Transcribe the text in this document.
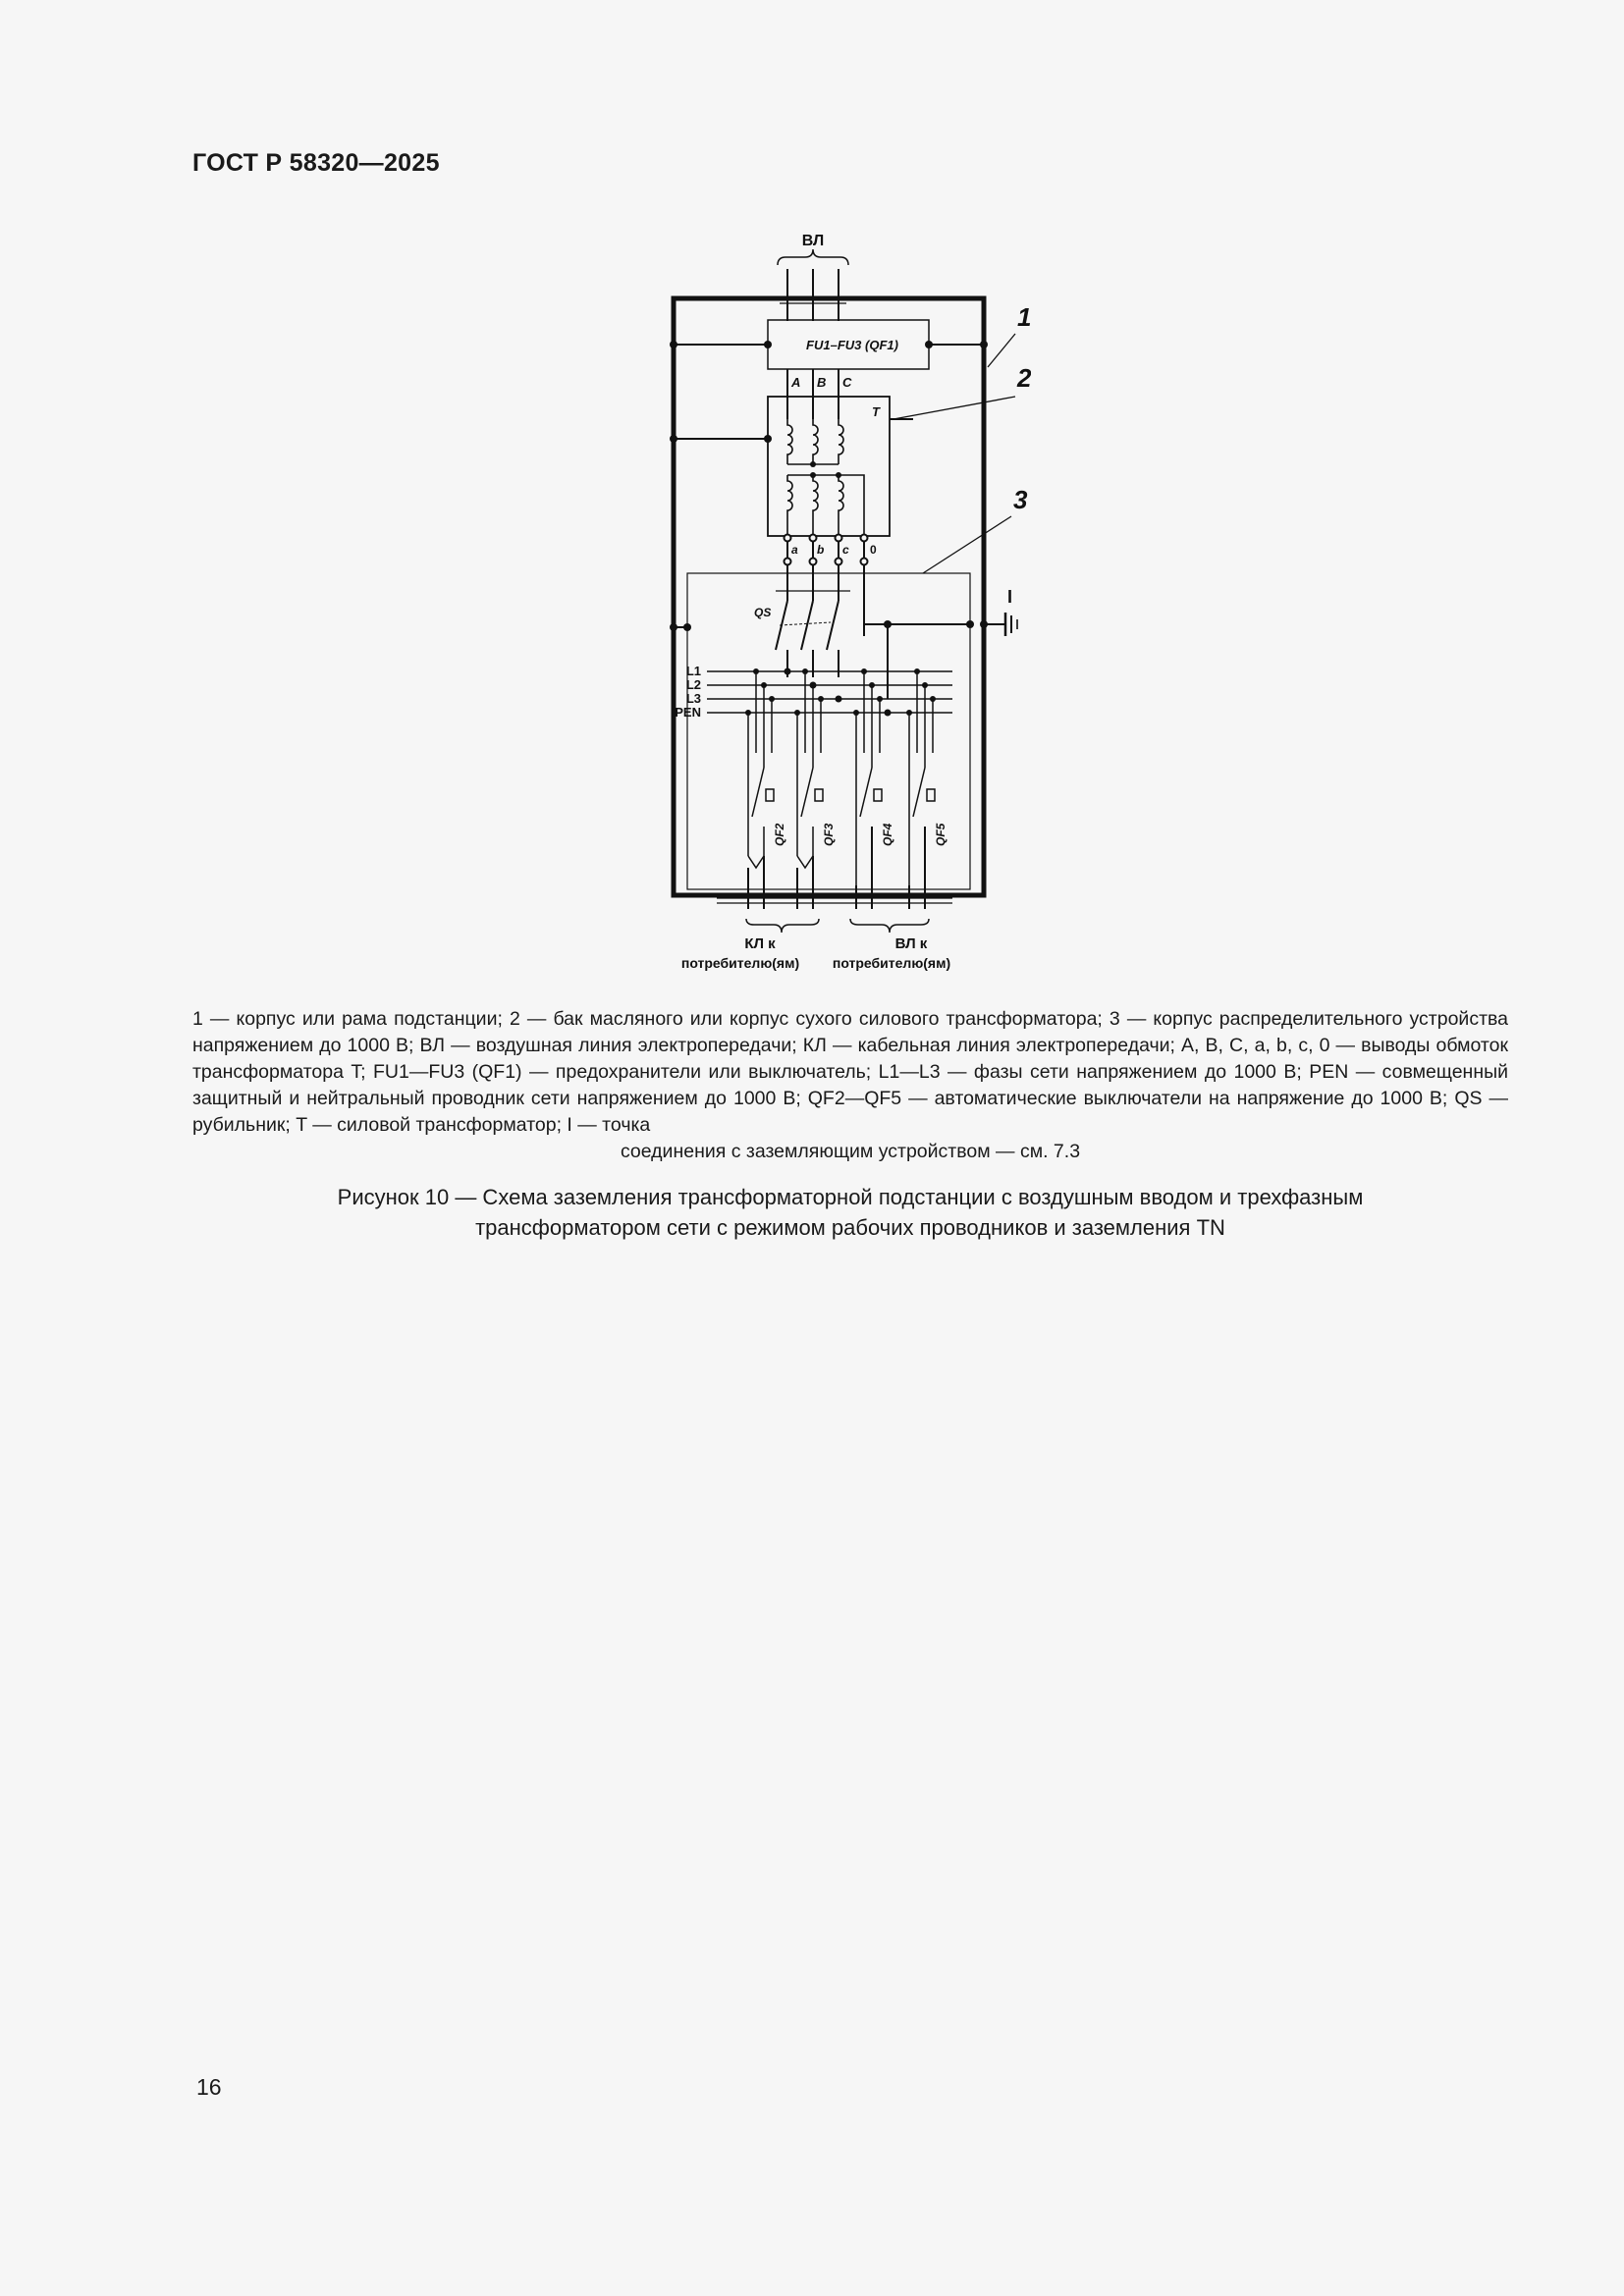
ГОСТ Р 58320—2025
ВЛ
FU1–FU3 (QF1)
A B C
T
a b c 0
QS
I
L1
L2
L3
PEN
QF2	QF3	QF4	QF5
КЛ к
потребителю(ям)
ВЛ к
потребителю(ям)
1
2
3
1 — корпус или рама подстанции; 2 — бак масляного или корпус сухого силового трансформатора; 3 — корпус распределительного устройства напряжением до 1000 В; ВЛ — воздушная линия электропередачи; КЛ — кабельная линия электропередачи; A, B, C, a, b, c, 0 — выводы обмоток трансформатора T; FU1—FU3 (QF1) — предохранители или выключатель; L1—L3 — фазы сети напряжением до 1000 В; PEN — совмещенный защитный и нейтральный проводник сети напряжением до 1000 В; QF2—QF5 — автоматические выключатели на напряжение до 1000 В; QS — рубильник; T — силовой трансформатор; I — точка
соединения с заземляющим устройством — см. 7.3
Рисунок 10 — Схема заземления трансформаторной подстанции с воздушным вводом и трехфазным
трансформатором сети с режимом рабочих проводников и заземления TN
16
